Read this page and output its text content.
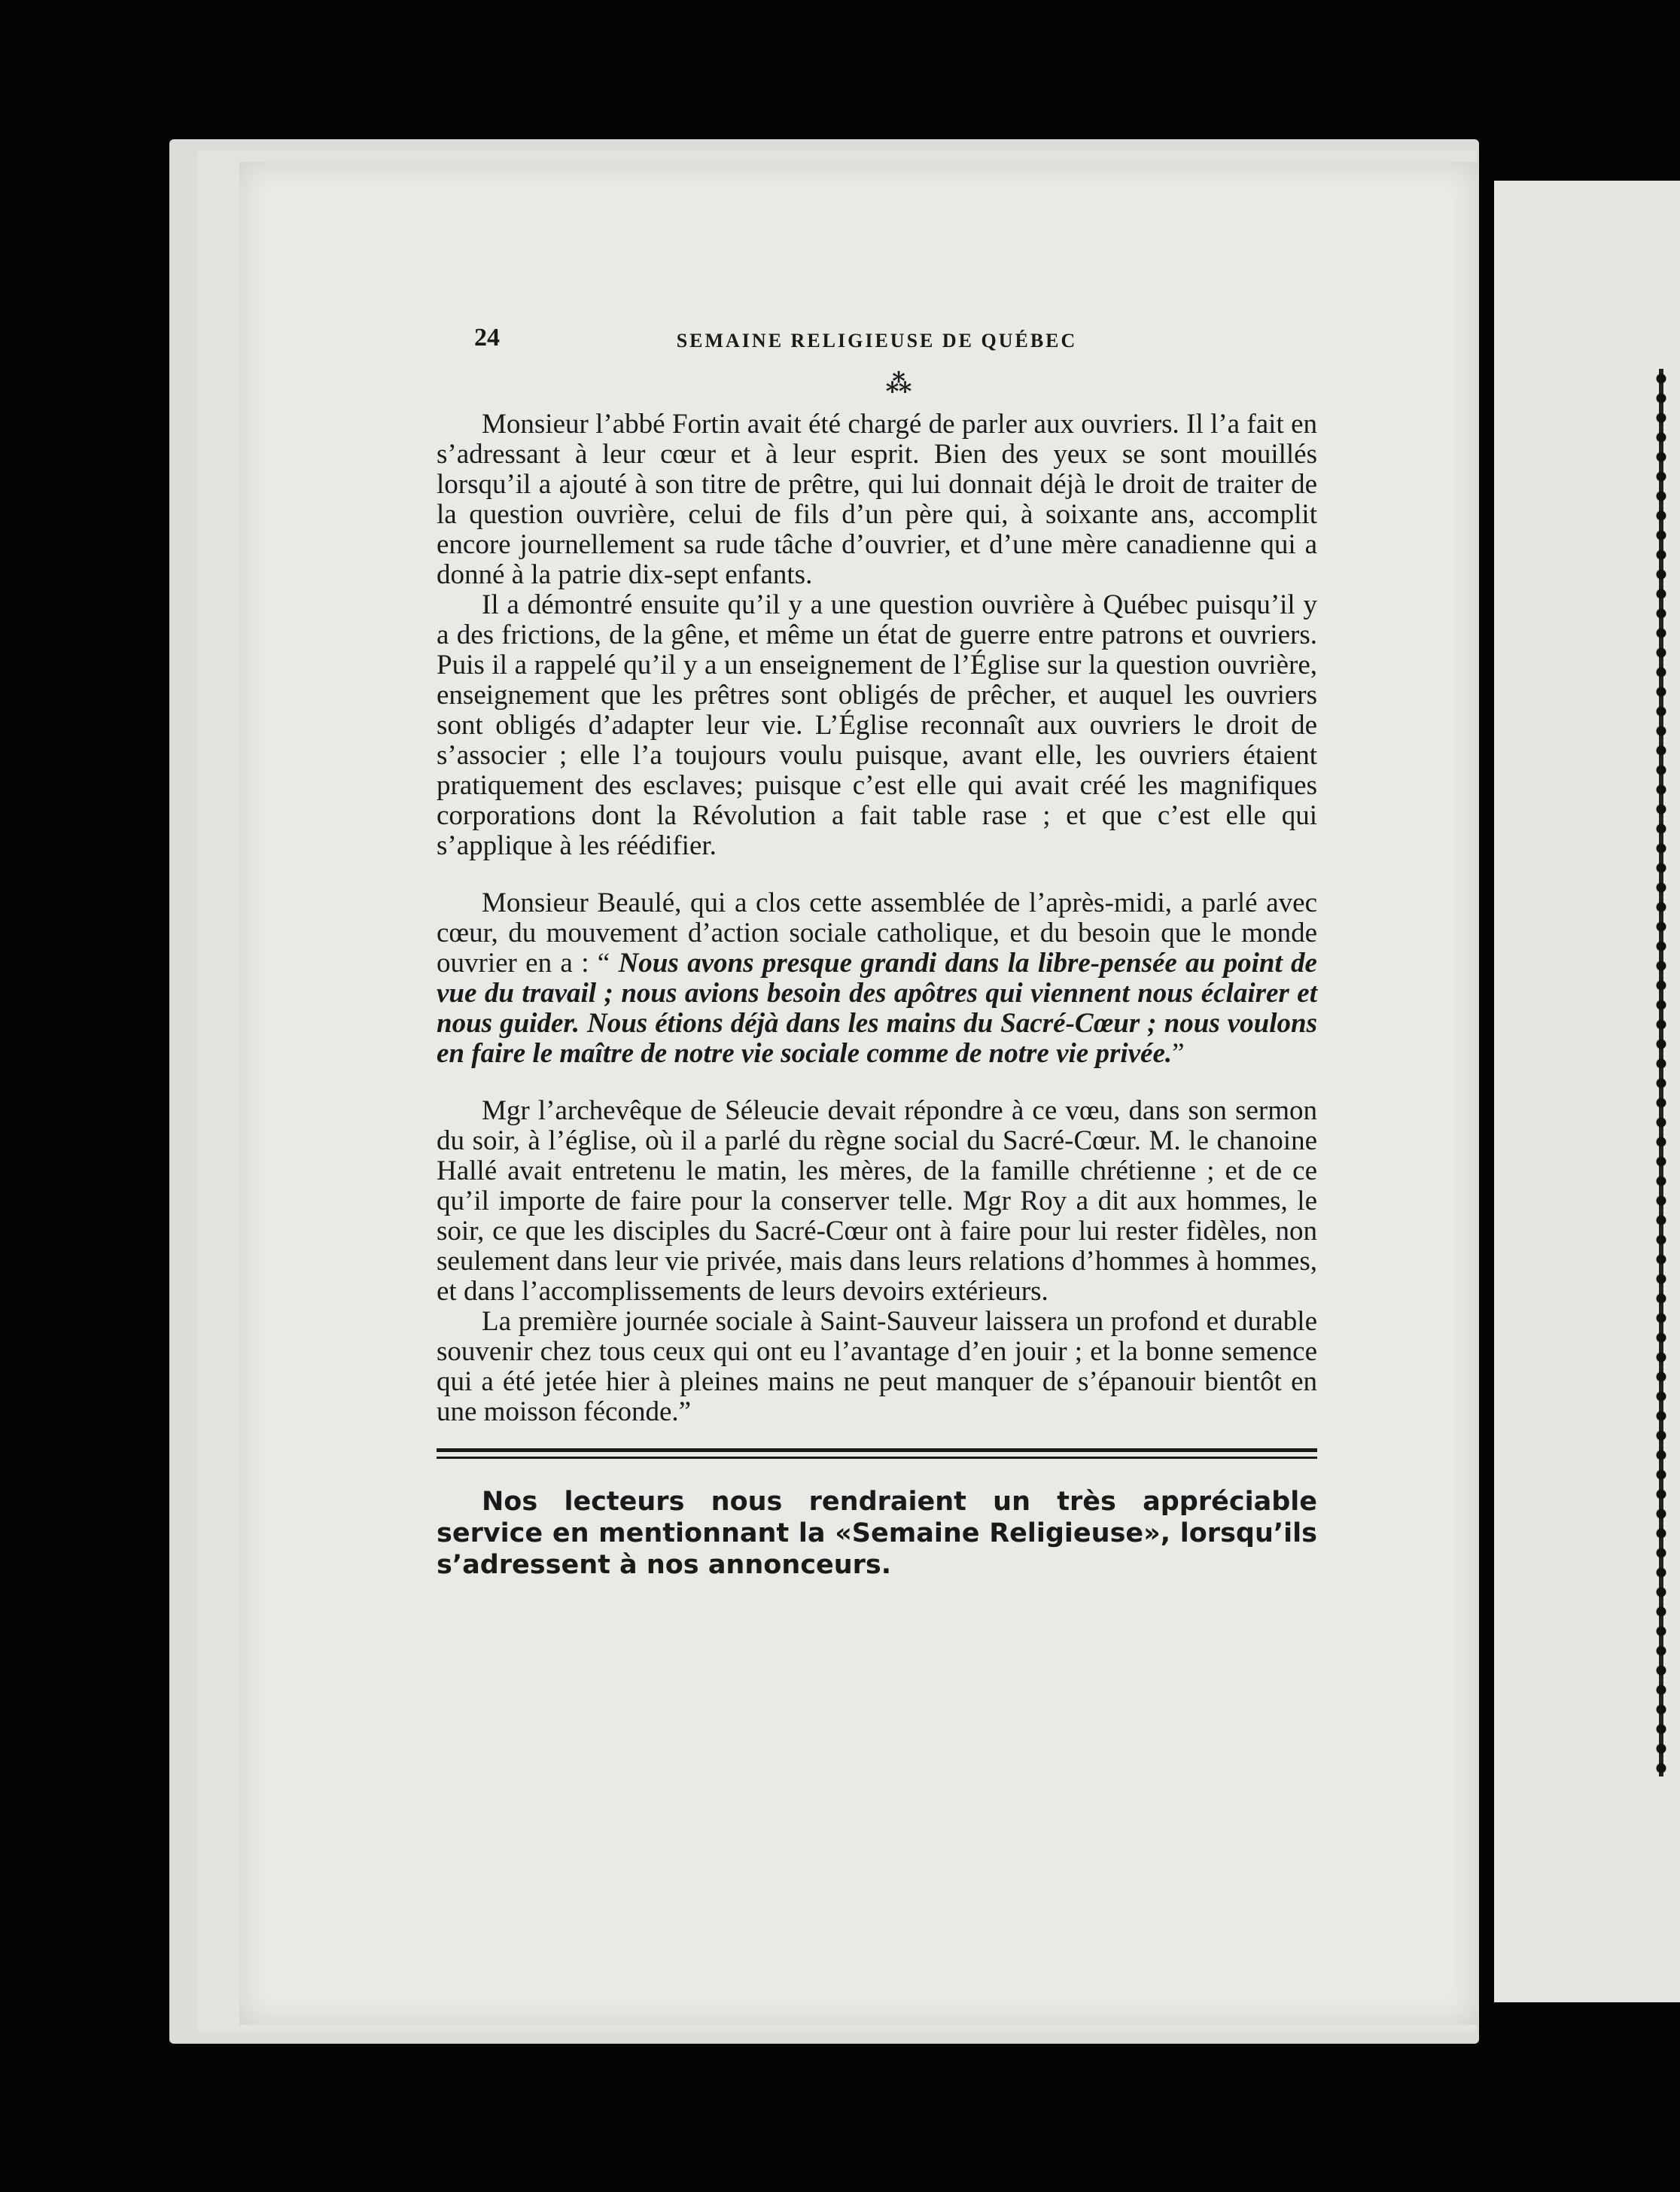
24	SEMAINE RELIGIEUSE DE QUÉBEC
⁂

Monsieur l’abbé Fortin avait été chargé de parler aux ouvriers. Il l’a fait en s’adressant à leur cœur et à leur esprit. Bien des yeux se sont mouillés lorsqu’il a ajouté à son titre de prêtre, qui lui donnait déjà le droit de traiter de la question ouvrière, celui de fils d’un père qui, à soixante ans, accomplit encore journellement sa rude tâche d’ouvrier, et d’une mère canadienne qui a donné à la patrie dix-sept enfants.

Il a démontré ensuite qu’il y a une question ouvrière à Québec puisqu’il y a des frictions, de la gêne, et même un état de guerre entre patrons et ouvriers. Puis il a rappelé qu’il y a un enseignement de l’Église sur la question ouvrière, enseignement que les prêtres sont obligés de prêcher, et auquel les ouvriers sont obligés d’adapter leur vie. L’Église reconnaît aux ouvriers le droit de s’associer ; elle l’a toujours voulu puisque, avant elle, les ouvriers étaient pratiquement des esclaves; puisque c’est elle qui avait créé les magnifiques corporations dont la Révolution a fait table rase ; et que c’est elle qui s’applique à les réédifier.

Monsieur Beaulé, qui a clos cette assemblée de l’après-midi, a parlé avec cœur, du mouvement d’action sociale catholique, et du besoin que le monde ouvrier en a : “ Nous avons presque grandi dans la libre-pensée au point de vue du travail ; nous avions besoin des apôtres qui viennent nous éclairer et nous guider. Nous étions déjà dans les mains du Sacré-Cœur ; nous voulons en faire le maître de notre vie sociale comme de notre vie privée.”

Mgr l’archevêque de Séleucie devait répondre à ce vœu, dans son sermon du soir, à l’église, où il a parlé du règne social du Sacré-Cœur. M. le chanoine Hallé avait entretenu le matin, les mères, de la famille chrétienne ; et de ce qu’il importe de faire pour la conserver telle. Mgr Roy a dit aux hommes, le soir, ce que les disciples du Sacré-Cœur ont à faire pour lui rester fidèles, non seulement dans leur vie privée, mais dans leurs relations d’hommes à hommes, et dans l’accomplissements de leurs devoirs extérieurs.

La première journée sociale à Saint-Sauveur laissera un profond et durable souvenir chez tous ceux qui ont eu l’avantage d’en jouir ; et la bonne semence qui a été jetée hier à pleines mains ne peut manquer de s’épanouir bientôt en une moisson féconde.”

Nos lecteurs nous rendraient un très appréciable service en mentionnant la «Semaine Religieuse», lorsqu’ils s’adressent à nos annonceurs.
